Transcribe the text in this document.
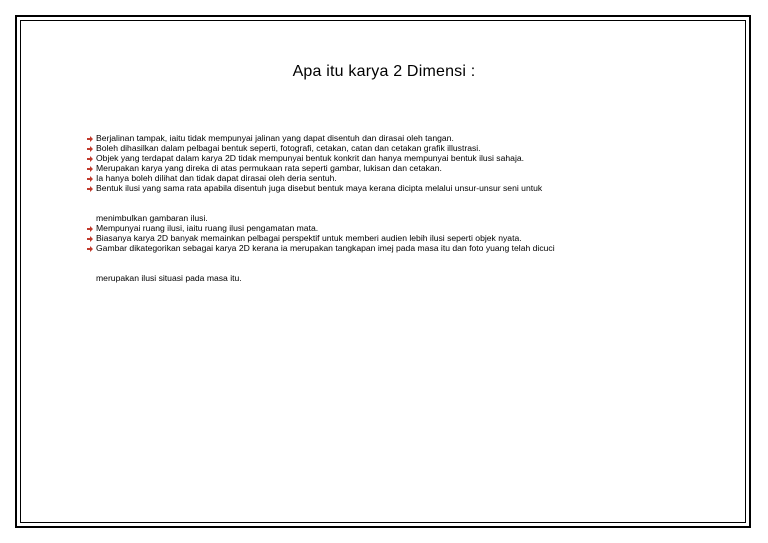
Apa itu karya 2 Dimensi :
Berjalinan tampak, iaitu tidak mempunyai jalinan yang dapat disentuh dan dirasai oleh tangan.
Boleh dihasilkan dalam pelbagai bentuk seperti, fotografi, cetakan, catan dan cetakan grafik illustrasi.
Objek yang terdapat dalam karya 2D tidak mempunyai bentuk konkrit dan hanya mempunyai bentuk ilusi sahaja.
Merupakan karya yang direka di atas permukaan rata seperti gambar, lukisan dan cetakan.
Ia hanya boleh dilihat dan tidak dapat dirasai oleh deria sentuh.
Bentuk ilusi yang sama rata apabila disentuh juga disebut bentuk maya kerana dicipta melalui unsur-unsur seni untuk
menimbulkan gambaran ilusi.
Mempunyai ruang ilusi, iaitu ruang ilusi pengamatan mata.
Biasanya karya 2D banyak memainkan pelbagai perspektif untuk memberi audien lebih ilusi seperti objek nyata.
Gambar dikategorikan sebagai karya 2D kerana ia merupakan tangkapan imej pada masa itu dan foto yuang telah dicuci
merupakan ilusi situasi pada masa itu.
